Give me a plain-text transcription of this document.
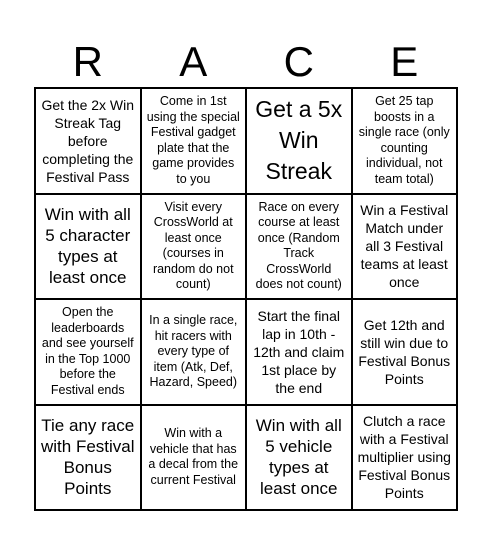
R	A	C	E
Get the 2x Win Streak Tag before completing the Festival Pass
Come in 1st using the special Festival gadget plate that the game provides to you
Get a 5x Win Streak
Get 25 tap boosts in a single race (only counting individual, not team total)
Win with all 5 character types at least once
Visit every CrossWorld at least once (courses in random do not count)
Race on every course at least once (Random Track CrossWorld does not count)
Win a Festival Match under all 3 Festival teams at least once
Open the leaderboards and see yourself in the Top 1000 before the Festival ends
In a single race, hit racers with every type of item (Atk, Def, Hazard, Speed)
Start the final lap in 10th - 12th and claim 1st place by the end
Get 12th and still win due to Festival Bonus Points
Tie any race with Festival Bonus Points
Win with a vehicle that has a decal from the current Festival
Win with all 5 vehicle types at least once
Clutch a race with a Festival multiplier using Festival Bonus Points
